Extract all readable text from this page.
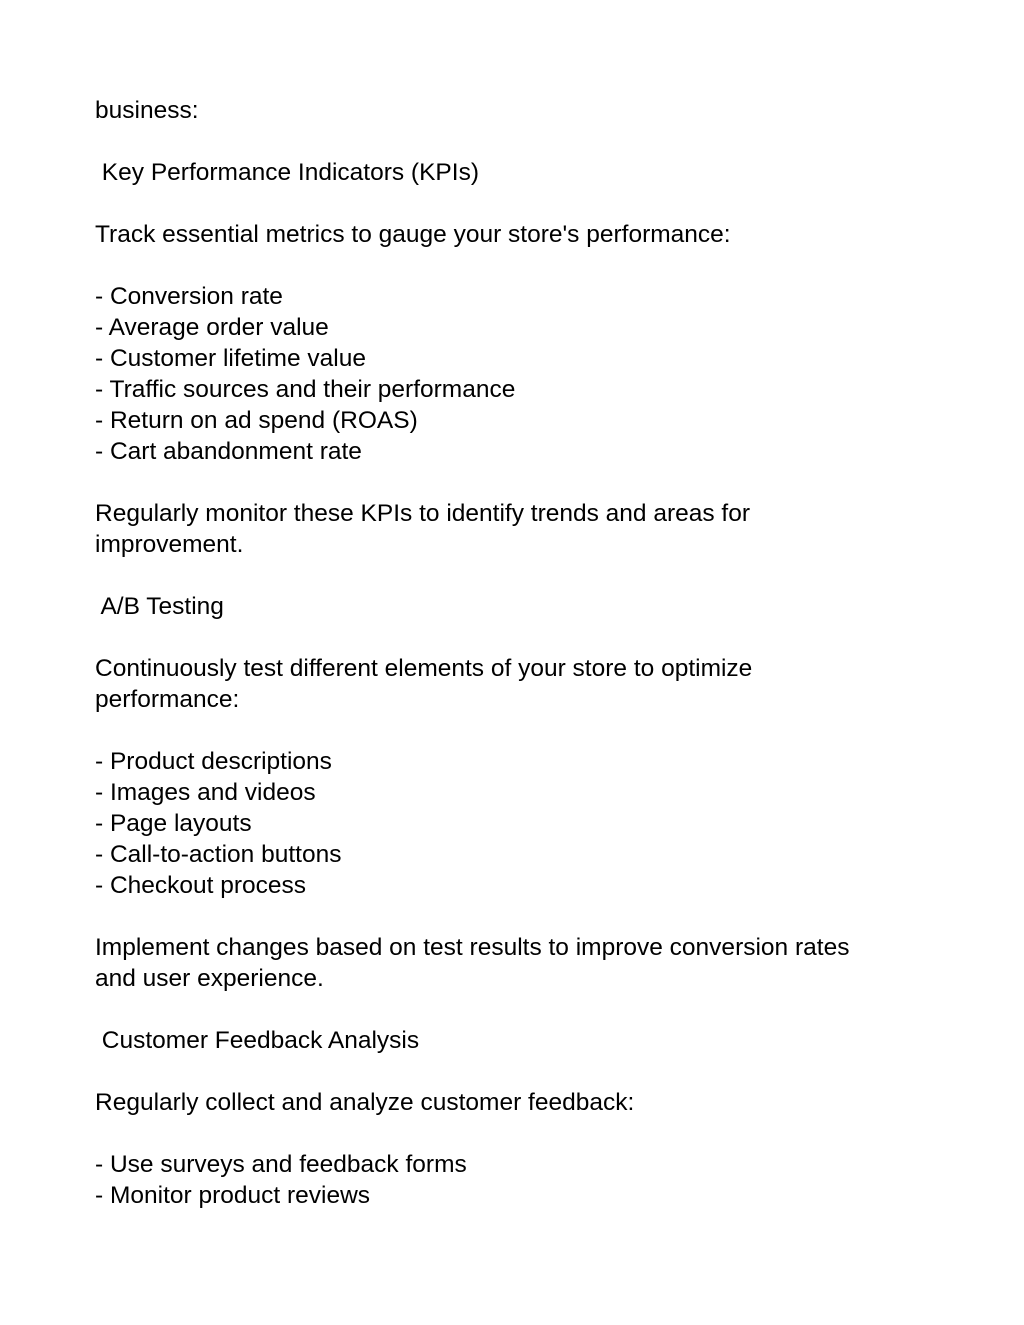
business:
Key Performance Indicators (KPIs)
Track essential metrics to gauge your store's performance:
- Conversion rate
- Average order value
- Customer lifetime value
- Traffic sources and their performance
- Return on ad spend (ROAS)
- Cart abandonment rate
Regularly monitor these KPIs to identify trends and areas for
improvement.
A/B Testing
Continuously test different elements of your store to optimize
performance:
- Product descriptions
- Images and videos
- Page layouts
- Call-to-action buttons
- Checkout process
Implement changes based on test results to improve conversion rates
and user experience.
Customer Feedback Analysis
Regularly collect and analyze customer feedback:
- Use surveys and feedback forms
- Monitor product reviews
